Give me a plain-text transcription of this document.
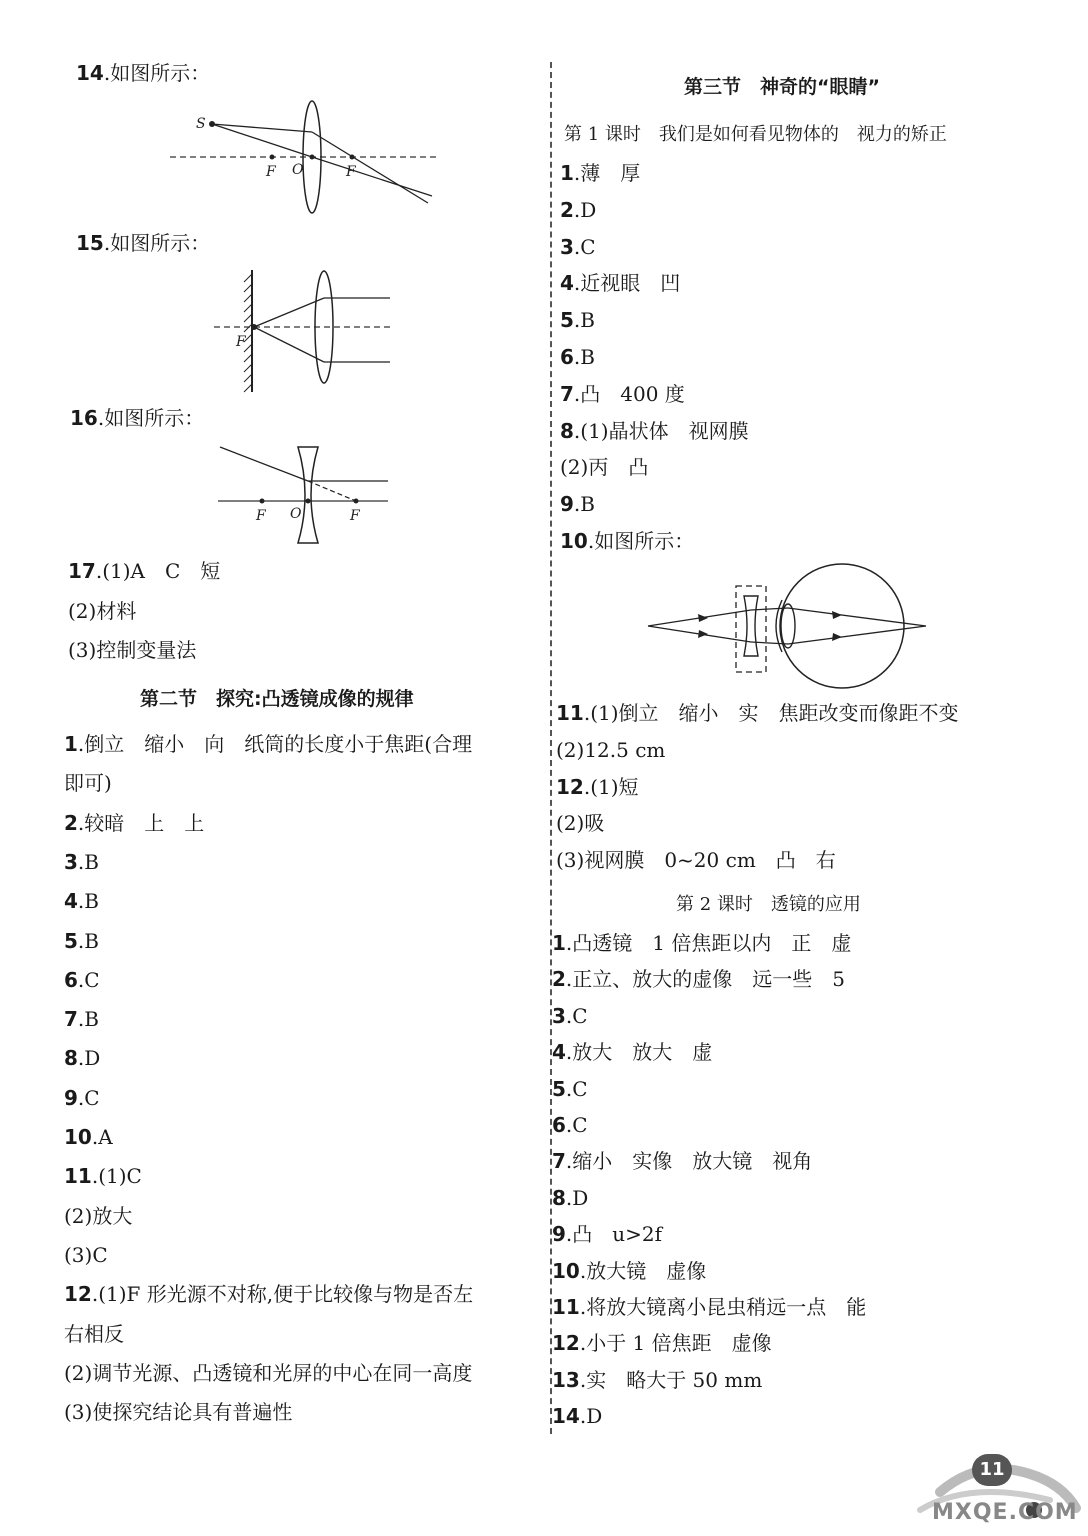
14.如图所示：
S
F O	F
15.如图所示：
F
16.如图所示：
F O	F
17.(1)A　C　短
(2)材料
(3)控制变量法
第二节　探究:凸透镜成像的规律
1.倒立　缩小　向　纸筒的长度小于焦距(合理
即可)
2.较暗　上　上
3.B
4.B
5.B
6.C
7.B
8.D
9.C
10.A
11.(1)C
(2)放大
(3)C
12.(1)F 形光源不对称,便于比较像与物是否左
右相反
(2)调节光源、凸透镜和光屏的中心在同一高度
(3)使探究结论具有普遍性
第三节　神奇的“眼睛”
第 1 课时　我们是如何看见物体的　视力的矫正
1.薄　厚
2.D
3.C
4.近视眼　凹
5.B
6.B
7.凸　400 度
8.(1)晶状体　视网膜
(2)丙　凸
9.B
10.如图所示：
11.(1)倒立　缩小　实　焦距改变而像距不变
(2)12.5 cm
12.(1)短
(2)吸
(3)视网膜　0~20 cm　凸　右
第 2 课时　透镜的应用
1.凸透镜　1 倍焦距以内　正　虚
2.正立、放大的虚像　远一些　5
3.C
4.放大　放大　虚
5.C
6.C
7.缩小　实像　放大镜　视角
8.D
9.凸　u>2f
10.放大镜　虚像
11.将放大镜离小昆虫稍远一点　能
12.小于 1 倍焦距　虚像
13.实　略大于 50 mm
14.D
11
MXQE.COM
